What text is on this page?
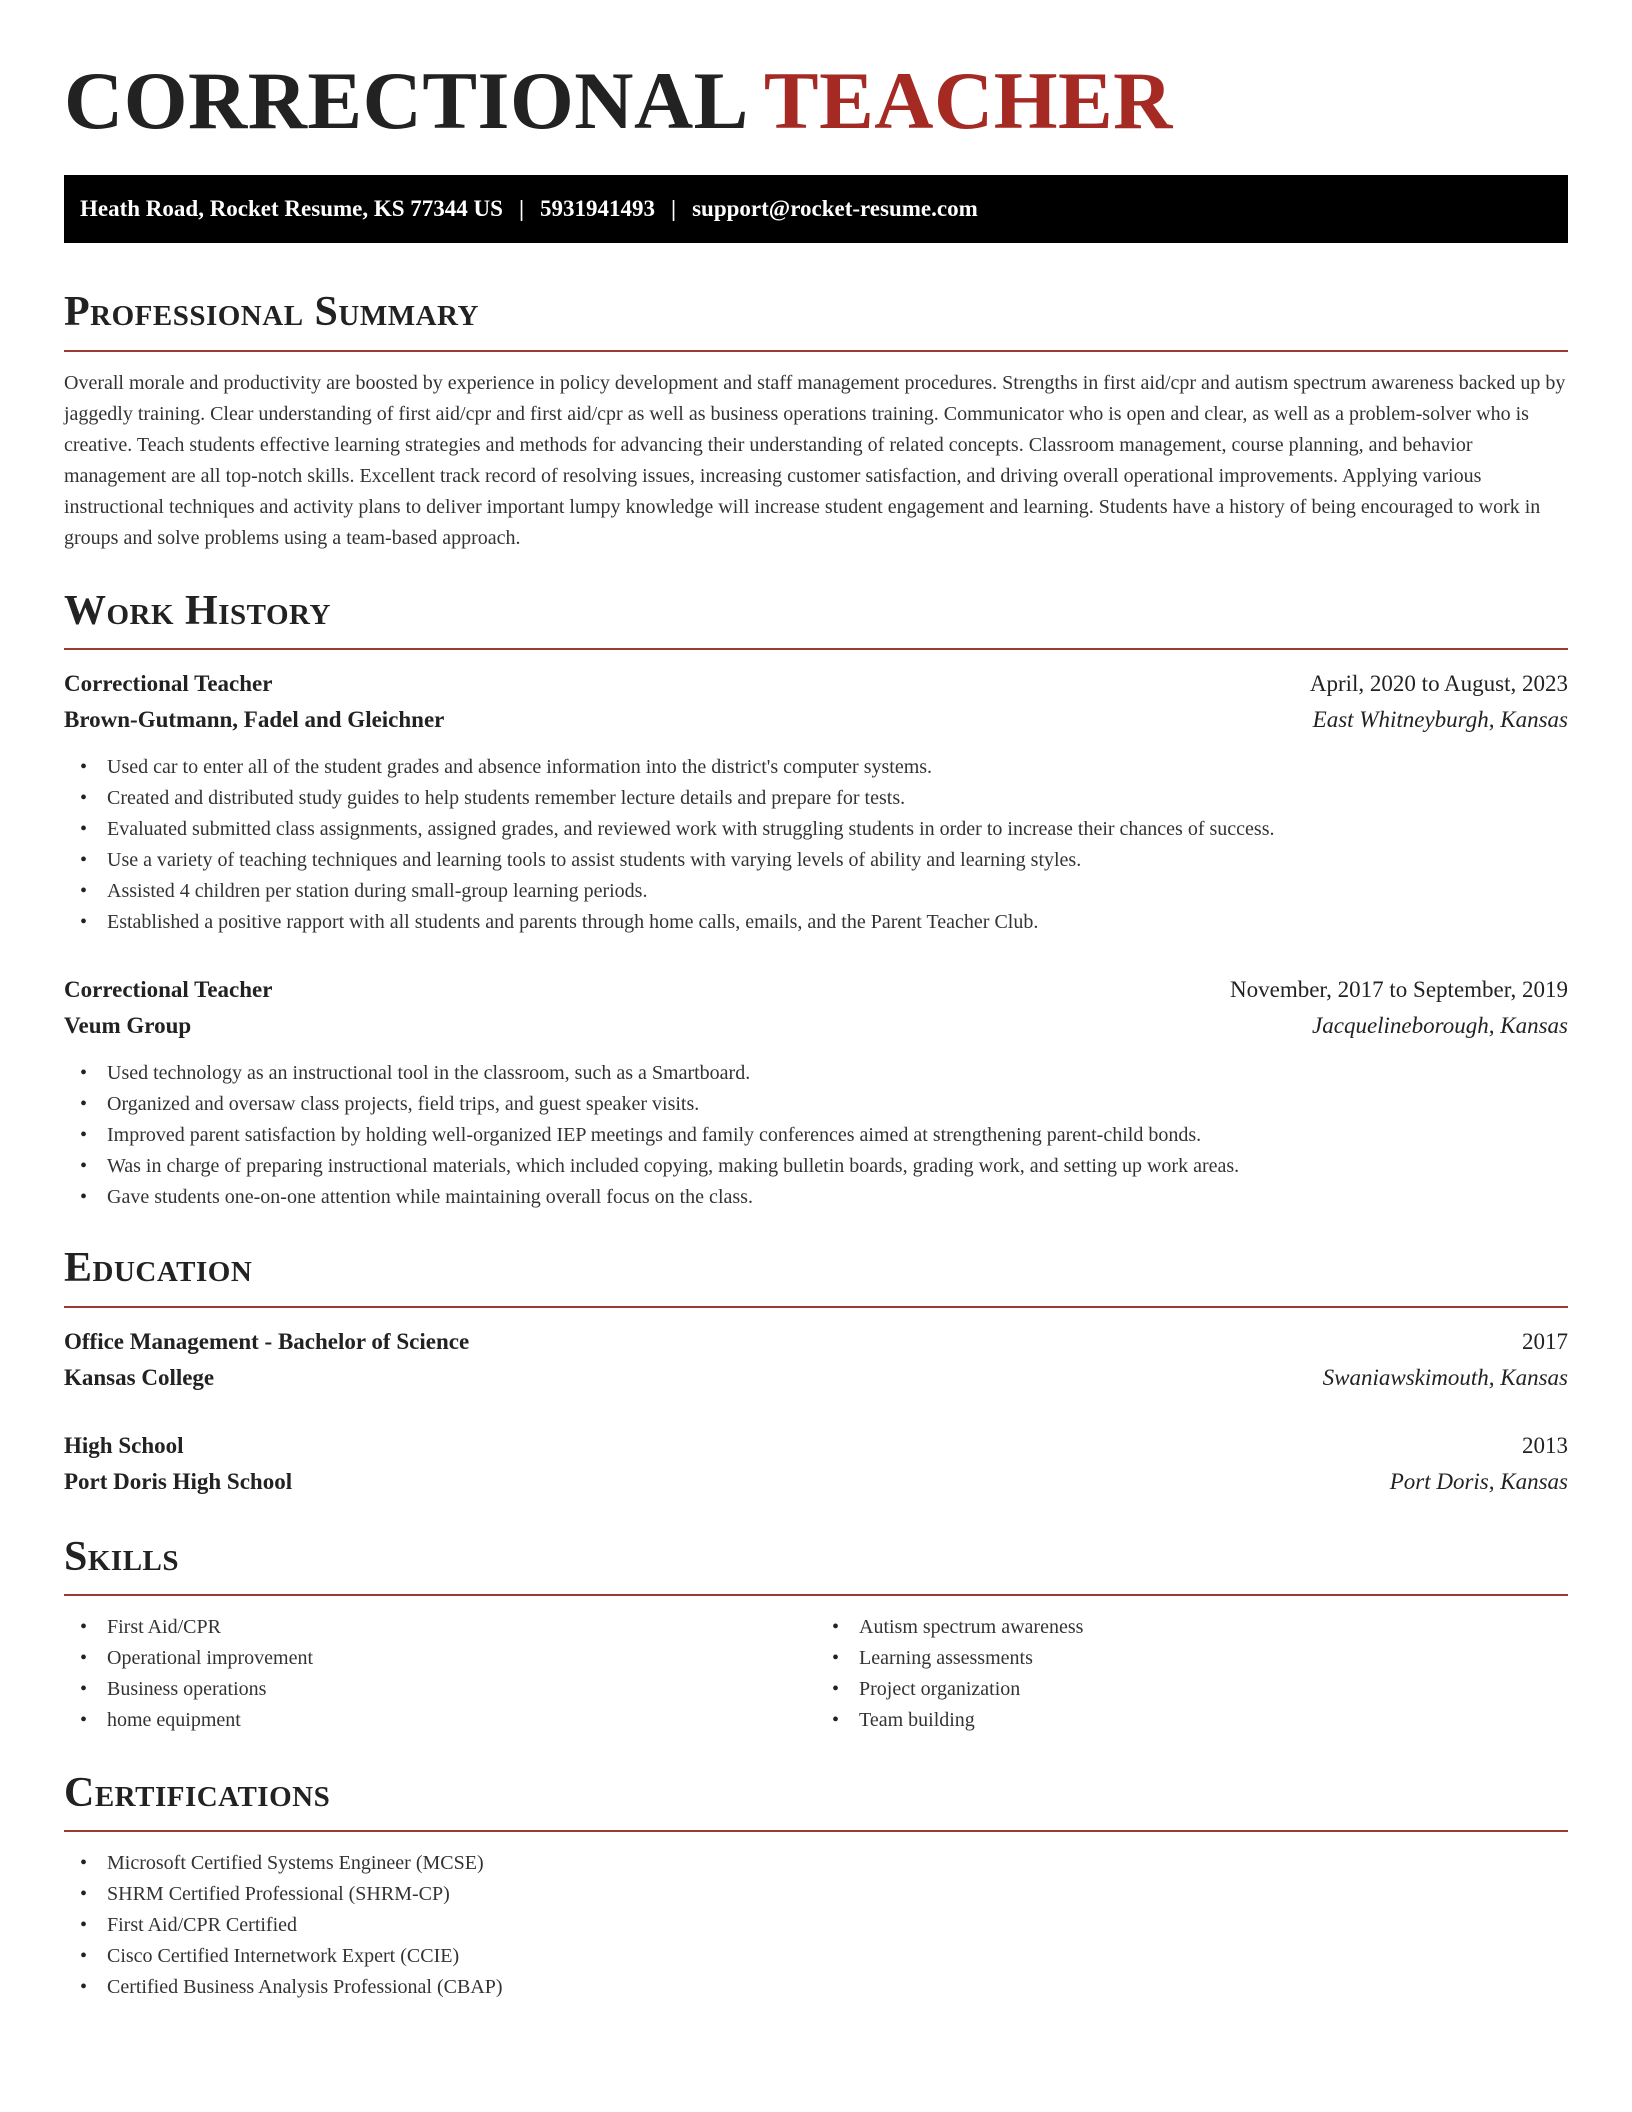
CORRECTIONAL TEACHER
Heath Road, Rocket Resume, KS 77344 US | 5931941493 | support@rocket-resume.com
Professional Summary

Overall morale and productivity are boosted by experience in policy development and staff management procedures. Strengths in first aid/cpr and autism spectrum awareness backed up by jaggedly training. Clear understanding of first aid/cpr and first aid/cpr as well as business operations training. Communicator who is open and clear, as well as a problem-solver who is creative. Teach students effective learning strategies and methods for advancing their understanding of related concepts. Classroom management, course planning, and behavior management are all top-notch skills. Excellent track record of resolving issues, increasing customer satisfaction, and driving overall operational improvements. Applying various instructional techniques and activity plans to deliver important lumpy knowledge will increase student engagement and learning. Students have a history of being encouraged to work in groups and solve problems using a team-based approach.

Work History
Correctional Teacher	April, 2020 to August, 2023
Brown-Gutmann, Fadel and Gleichner	East Whitneyburgh, Kansas
• Used car to enter all of the student grades and absence information into the district's computer systems.
• Created and distributed study guides to help students remember lecture details and prepare for tests.
• Evaluated submitted class assignments, assigned grades, and reviewed work with struggling students in order to increase their chances of success.
• Use a variety of teaching techniques and learning tools to assist students with varying levels of ability and learning styles.
• Assisted 4 children per station during small-group learning periods.
• Established a positive rapport with all students and parents through home calls, emails, and the Parent Teacher Club.
Correctional Teacher	November, 2017 to September, 2019
Veum Group	Jacquelineborough, Kansas
• Used technology as an instructional tool in the classroom, such as a Smartboard.
• Organized and oversaw class projects, field trips, and guest speaker visits.
• Improved parent satisfaction by holding well-organized IEP meetings and family conferences aimed at strengthening parent-child bonds.
• Was in charge of preparing instructional materials, which included copying, making bulletin boards, grading work, and setting up work areas.
• Gave students one-on-one attention while maintaining overall focus on the class.
Education
Office Management - Bachelor of Science	2017
Kansas College	Swaniawskimouth, Kansas
High School	2013
Port Doris High School	Port Doris, Kansas
Skills
• First Aid/CPR
• Operational improvement
• Business operations
• home equipment
• Autism spectrum awareness
• Learning assessments
• Project organization
• Team building
Certifications
• Microsoft Certified Systems Engineer (MCSE)
• SHRM Certified Professional (SHRM-CP)
• First Aid/CPR Certified
• Cisco Certified Internetwork Expert (CCIE)
• Certified Business Analysis Professional (CBAP)
